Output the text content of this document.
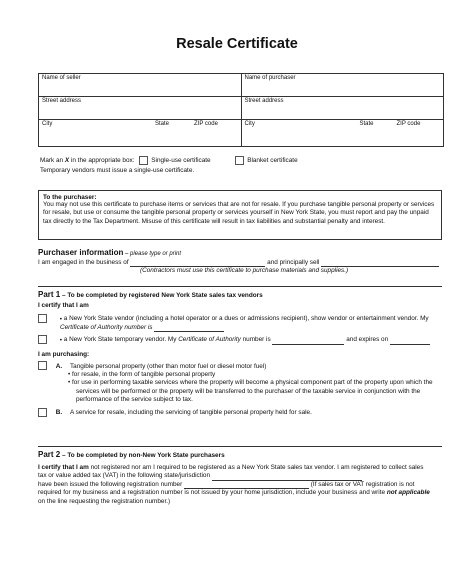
Resale Certificate
Name of seller	Name of purchaser
Street address	Street address
City	State	ZIP code	City	State	ZIP code
Mark an X in the appropriate box:	Single-use certificate	Blanket certificate
Temporary vendors must issue a single-use certificate.
To the purchaser:
You may not use this certificate to purchase items or services that are not for resale. If you purchase tangible personal property or services for resale, but use or consume the tangible personal property or services yourself in New York State, you must report and pay the unpaid tax directly to the Tax Department. Misuse of this certificate will result in tax liabilities and substantial penalty and interest.
Purchaser information – please type or print
I am engaged in the business of	and principally sell
(Contractors must use this certificate to purchase materials and supplies.)
Part 1 – To be completed by registered New York State sales tax vendors
I certify that I am
• a New York State vendor (including a hotel operator or a dues or admissions recipient), show vendor or entertainment vendor. My
Certificate of Authority number is
• a New York State temporary vendor. My Certificate of Authority number is	and expires on
I am purchasing:
A. Tangible personal property (other than motor fuel or diesel motor fuel)
• for resale, in the form of tangible personal property
• for use in performing taxable services where the property will become a physical component part of the property upon which the
services will be performed or the property will be transferred to the purchaser of the taxable service in conjunction with the
performance of the service subject to tax.
B. A service for resale, including the servicing of tangible personal property held for sale.
Part 2 – To be completed by non-New York State purchasers
I certify that I am not registered nor am I required to be registered as a New York State sales tax vendor. I am registered to collect sales
tax or value added tax (VAT) in the following state/jurisdiction
have been issued the following registration number	(If sales tax or VAT registration is not
required for my business and a registration number is not issued by your home jurisdiction, include your business and write not applicable
on the line requesting the registration number.)
